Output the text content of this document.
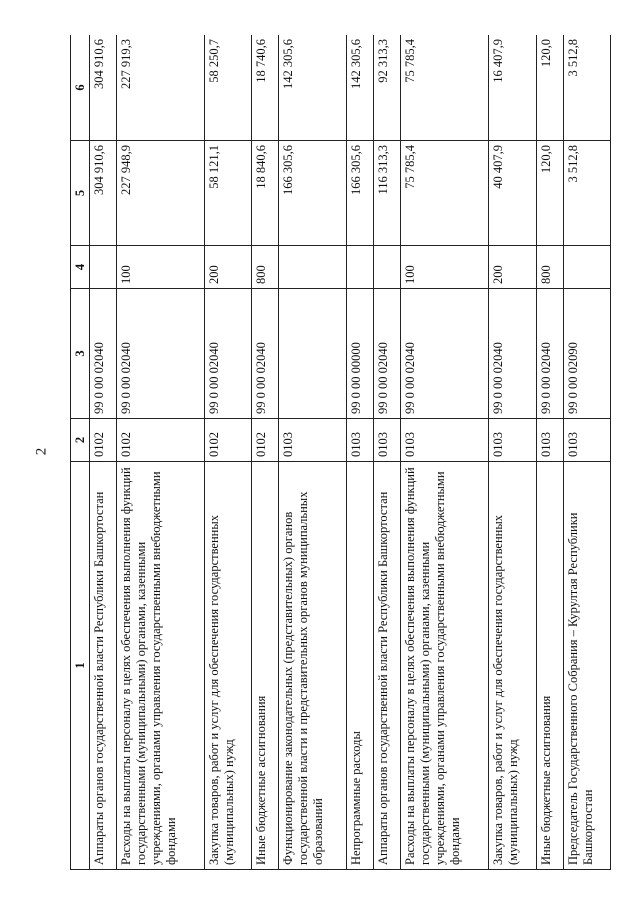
2
1	2	3	4	5	6
Аппараты органов государственной власти Республики Башкортостан	0102	99 0 00 02040		304 910,6	304 910,6
Расходы на выплаты персоналу в целях обеспечения выполнения функций государственными (муниципальными) органами, казенными учреждениями, органами управления государственными внебюджетными фондами	0102	99 0 00 02040	100	227 948,9	227 919,3
Закупка товаров, работ и услуг для обеспечения государственных (муниципальных) нужд	0102	99 0 00 02040	200	58 121,1	58 250,7
Иные бюджетные ассигнования	0102	99 0 00 02040	800	18 840,6	18 740,6
Функционирование законодательных (представительных) органов государственной власти и представительных органов муниципальных образований	0103			166 305,6	142 305,6
Непрограммные расходы	0103	99 0 00 00000		166 305,6	142 305,6
Аппараты органов государственной власти Республики Башкортостан	0103	99 0 00 02040		116 313,3	92 313,3
Расходы на выплаты персоналу в целях обеспечения выполнения функций государственными (муниципальными) органами, казенными учреждениями, органами управления государственными внебюджетными фондами	0103	99 0 00 02040	100	75 785,4	75 785,4
Закупка товаров, работ и услуг для обеспечения государственных (муниципальных) нужд	0103	99 0 00 02040	200	40 407,9	16 407,9
Иные бюджетные ассигнования	0103	99 0 00 02040	800	120,0	120,0
Председатель Государственного Собрания – Курултая Республики Башкортостан	0103	99 0 00 02090		3 512,8	3 512,8
